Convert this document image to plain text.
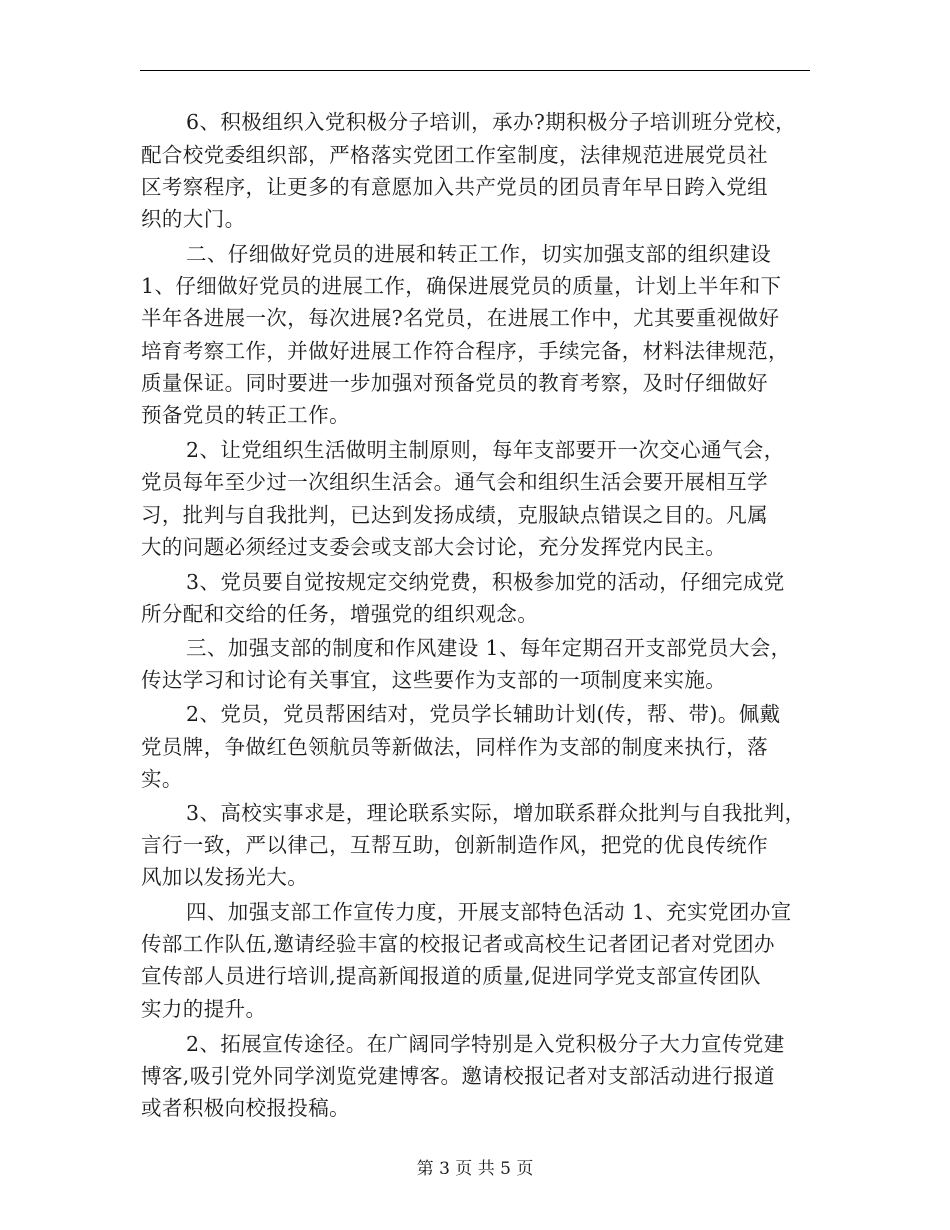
6、积极组织入党积极分子培训，承办?期积极分子培训班分党校，
配合校党委组织部，严格落实党团工作室制度，法律规范进展党员社
区考察程序，让更多的有意愿加入共产党员的团员青年早日跨入党组
织的大门。
二、仔细做好党员的进展和转正工作，切实加强支部的组织建设
1、仔细做好党员的进展工作，确保进展党员的质量，计划上半年和下
半年各进展一次，每次进展?名党员，在进展工作中，尤其要重视做好
培育考察工作，并做好进展工作符合程序，手续完备，材料法律规范，
质量保证。同时要进一步加强对预备党员的教育考察，及时仔细做好
预备党员的转正工作。
2、让党组织生活做明主制原则，每年支部要开一次交心通气会，
党员每年至少过一次组织生活会。通气会和组织生活会要开展相互学
习，批判与自我批判，已达到发扬成绩，克服缺点错误之目的。凡属
大的问题必须经过支委会或支部大会讨论，充分发挥党内民主。
3、党员要自觉按规定交纳党费，积极参加党的活动，仔细完成党
所分配和交给的任务，增强党的组织观念。
三、加强支部的制度和作风建设 1、每年定期召开支部党员大会，
传达学习和讨论有关事宜，这些要作为支部的一项制度来实施。
2、党员，党员帮困结对，党员学长辅助计划(传，帮、带)。佩戴
党员牌，争做红色领航员等新做法，同样作为支部的制度来执行，落
实。
3、高校实事求是，理论联系实际，增加联系群众批判与自我批判，
言行一致，严以律己，互帮互助，创新制造作风，把党的优良传统作
风加以发扬光大。
四、加强支部工作宣传力度，开展支部特色活动 1、充实党团办宣
传部工作队伍,邀请经验丰富的校报记者或高校生记者团记者对党团办
宣传部人员进行培训,提高新闻报道的质量,促进同学党支部宣传团队
实力的提升。
2、拓展宣传途径。在广阔同学特别是入党积极分子大力宣传党建
博客,吸引党外同学浏览党建博客。邀请校报记者对支部活动进行报道
或者积极向校报投稿。
第 3 页 共 5 页
